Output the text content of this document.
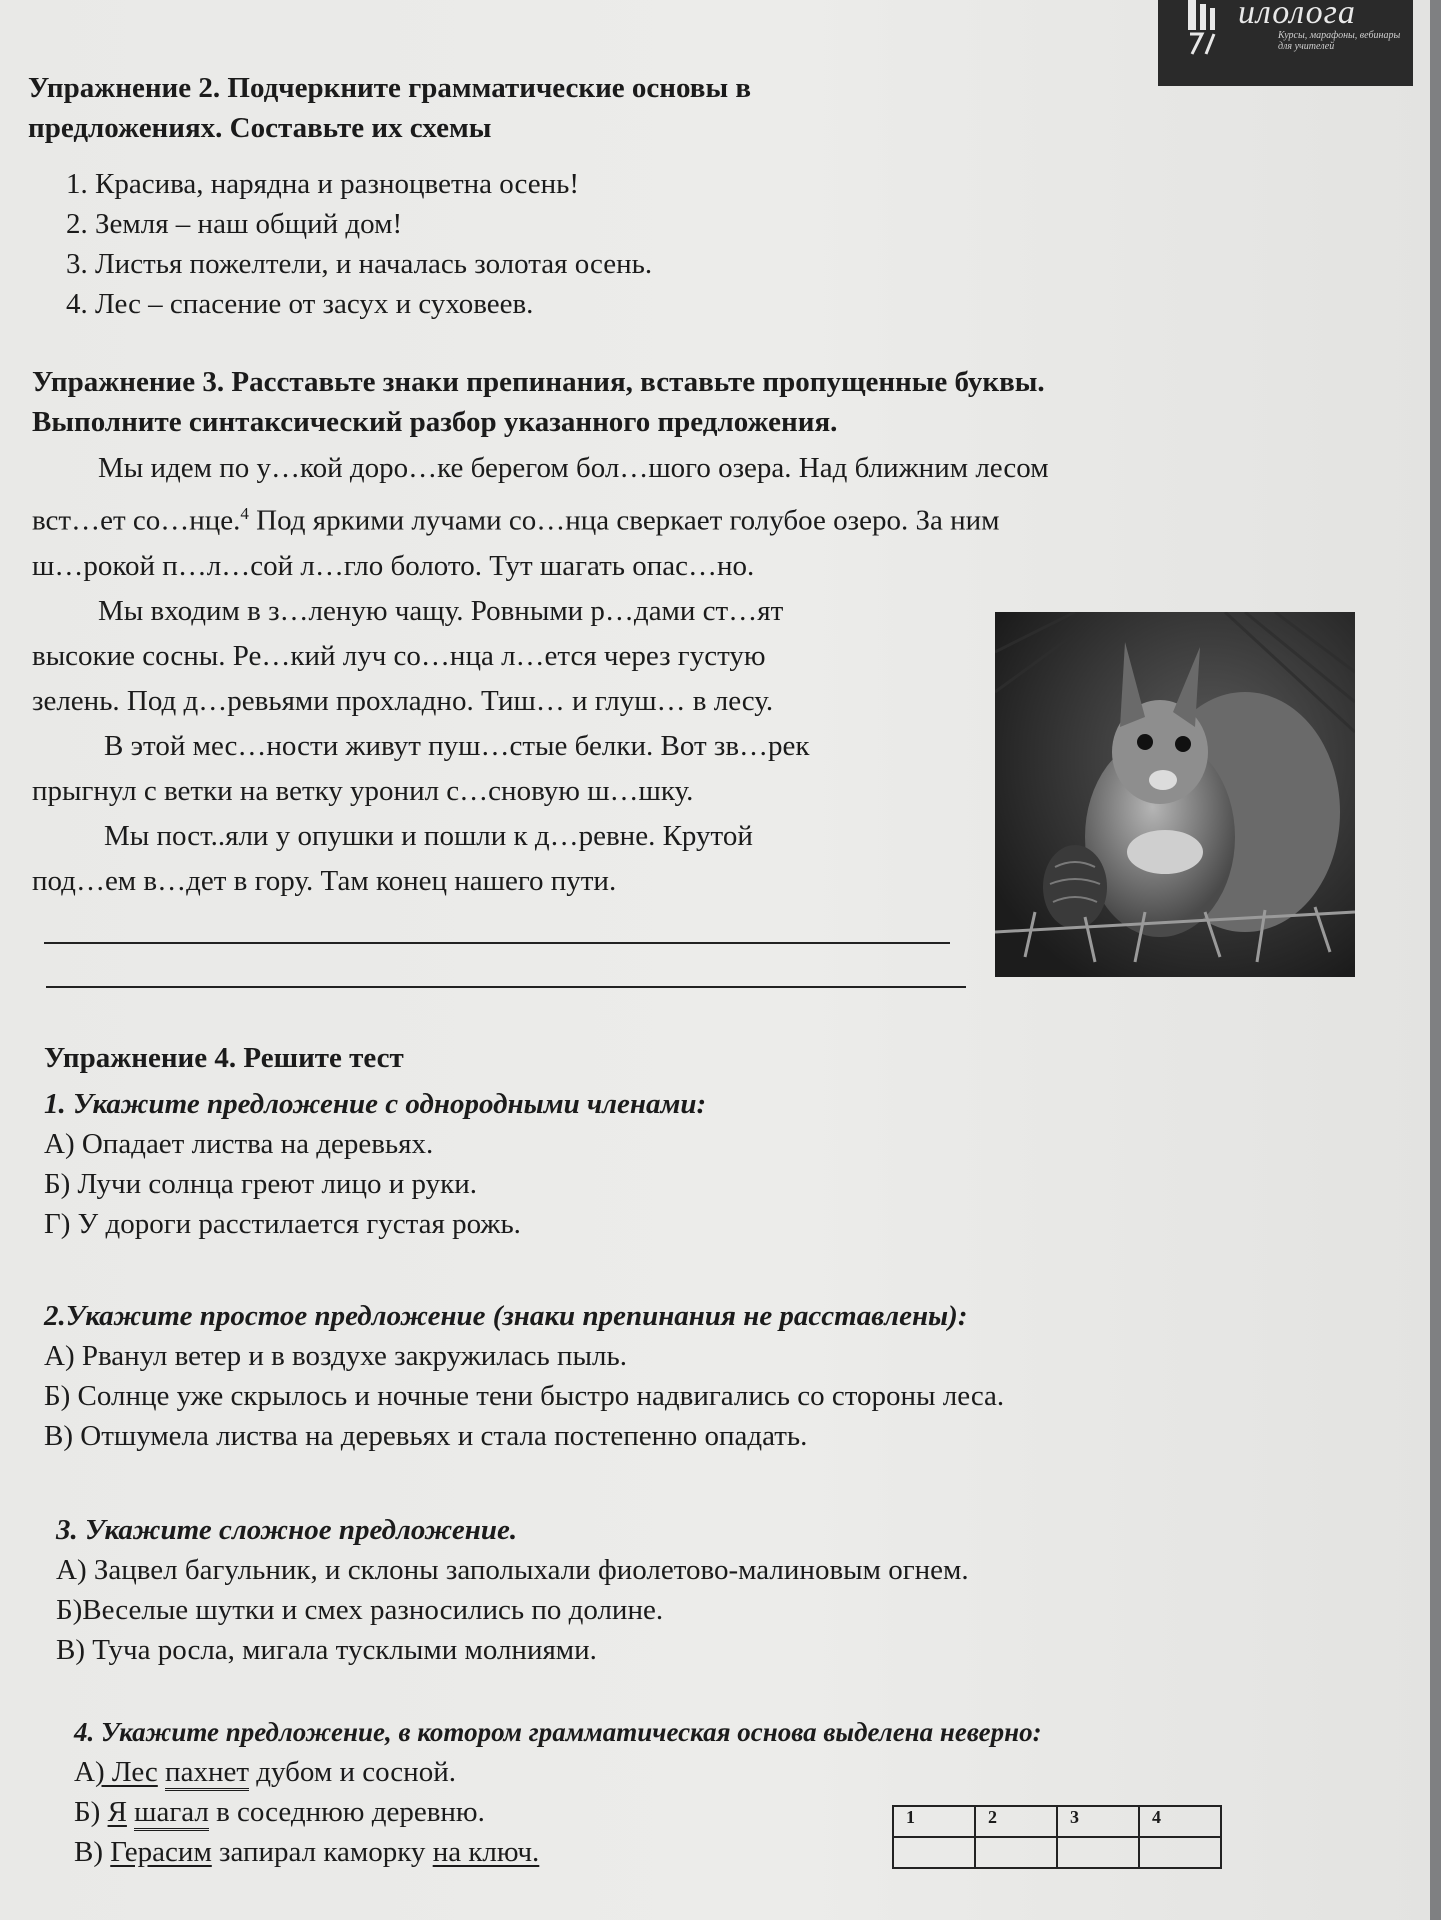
илолога
Курсы, марафоны, вебинары для учителей
Упражнение 2. Подчеркните грамматические основы в
предложениях. Составьте их схемы
1. Красива, нарядна и разноцветна осень!
2. Земля – наш общий дом!
3. Листья пожелтели, и началась золотая осень.
4. Лес – спасение от засух и суховеев.
Упражнение 3. Расставьте знаки препинания, вставьте пропущенные буквы.
Выполните синтаксический разбор указанного предложения.
Мы идем по у…кой доро…ке берегом бол…шого озера. Над ближним лесом
вст…ет со…нце.$^4$ Под яркими лучами со…нца сверкает голубое озеро. За ним
ш…рокой п…л…сой л…гло болото. Тут шагать опас…но.
Мы входим в з…леную чащу. Ровными р…дами ст…ят
высокие сосны. Ре…кий луч со…нца л…ется через густую
зелень. Под д…ревьями прохладно. Тиш… и глуш… в лесу.
В этой мес…ности живут пуш…стые белки. Вот зв…рек
прыгнул с ветки на ветку уронил с…сновую ш…шку.
Мы пост..яли у опушки и пошли к д…ревне. Крутой
под…ем в…дет в гору. Там конец нашего пути.
Упражнение 4. Решите тест
1. Укажите предложение с однородными членами:
А) Опадает листва на деревьях.
Б) Лучи солнца греют лицо и руки.
Г) У дороги расстилается густая рожь.
2.Укажите простое предложение (знаки препинания не расставлены):
А) Рванул ветер и в воздухе закружилась пыль.
Б) Солнце уже скрылось и ночные тени быстро надвигались со стороны леса.
В) Отшумела листва на деревьях и стала постепенно опадать.
3. Укажите сложное предложение.
А) Зацвел багульник, и склоны заполыхали фиолетово-малиновым огнем.
Б)Веселые шутки и смех разносились по долине.
В) Туча росла, мигала тусклыми молниями.
4. Укажите предложение, в котором грамматическая основа выделена неверно:
А) Лес пахнет дубом и сосной.
Б) Я шагал в соседнюю деревню.
В) Герасим запирал каморку на ключ.
1	2	3	4
